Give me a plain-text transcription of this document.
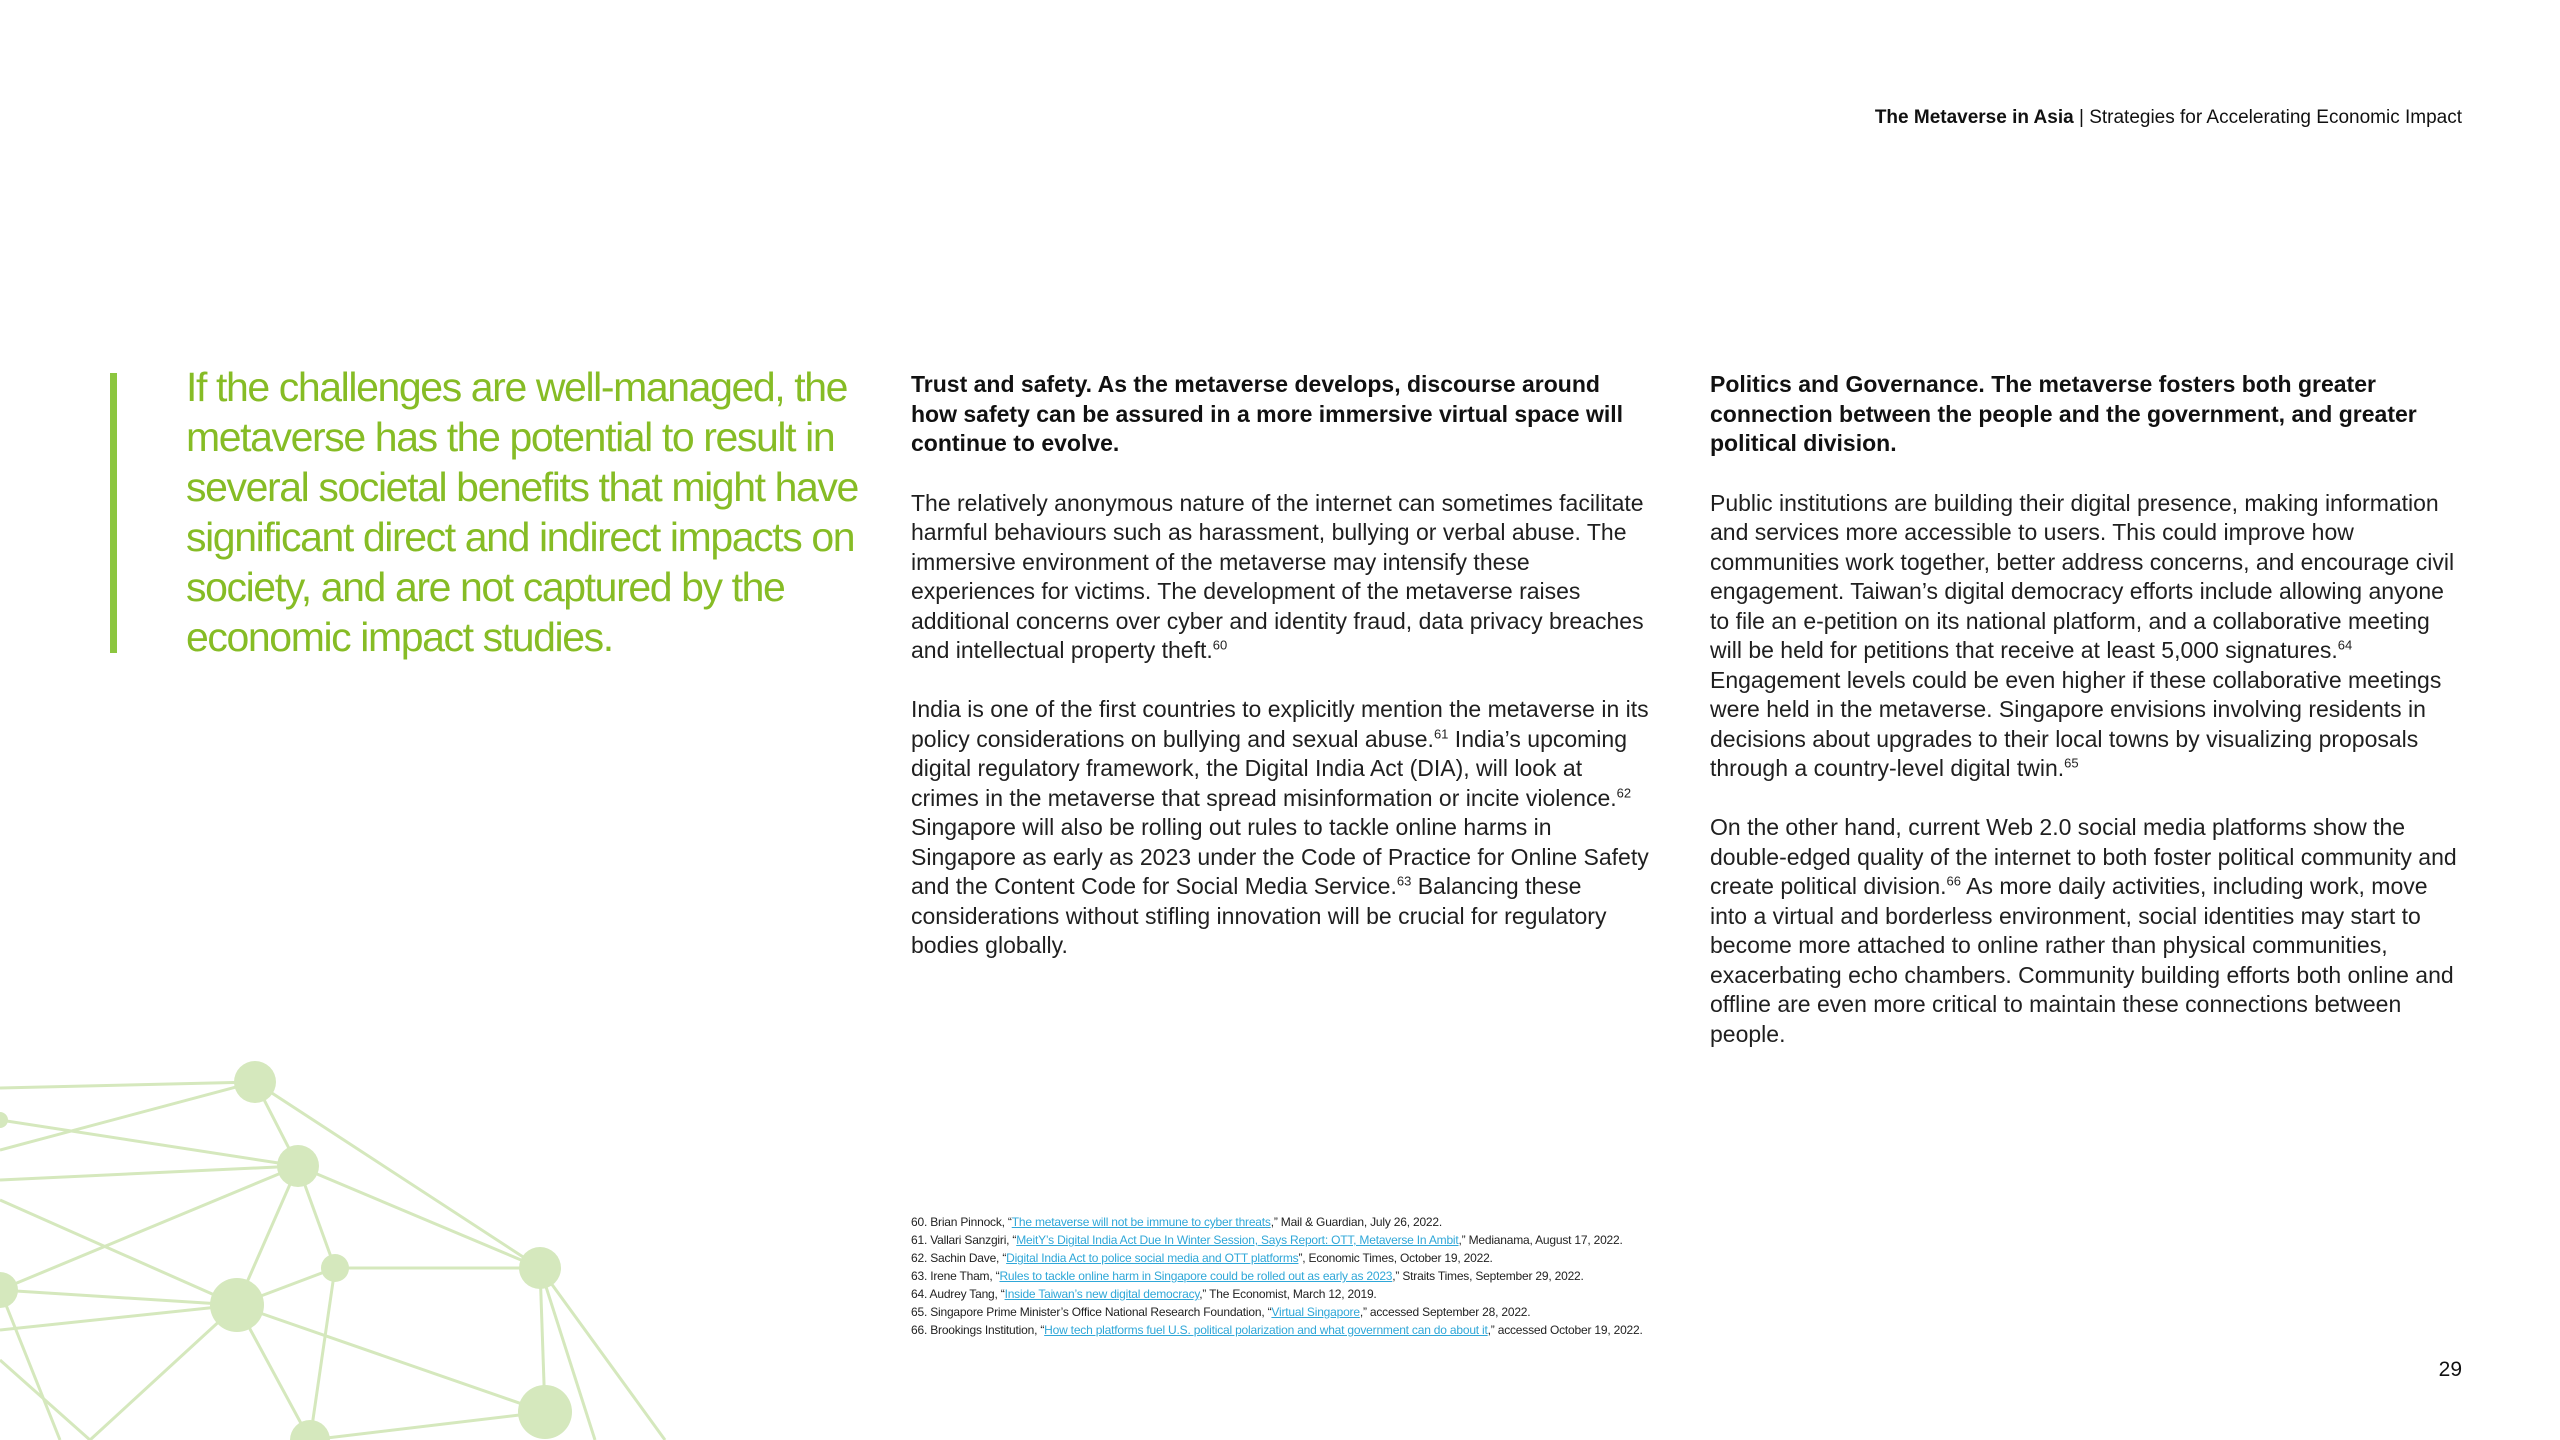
The Metaverse in Asia | Strategies for Accelerating Economic Impact

If the challenges are well-managed, the metaverse has the potential to result in several societal benefits that might have significant direct and indirect impacts on society, and are not captured by the economic impact studies.

Trust and safety. As the metaverse develops, discourse around how safety can be assured in a more immersive virtual space will continue to evolve.

The relatively anonymous nature of the internet can sometimes facilitate harmful behaviours such as harassment, bullying or verbal abuse. The immersive environment of the metaverse may intensify these experiences for victims. The development of the metaverse raises additional concerns over cyber and identity fraud, data privacy breaches and intellectual property theft.$^{60}$

India is one of the first countries to explicitly mention the metaverse in its policy considerations on bullying and sexual abuse.$^{61}$ India’s upcoming digital regulatory framework, the Digital India Act (DIA), will look at crimes in the metaverse that spread misinformation or incite violence.$^{62}$ Singapore will also be rolling out rules to tackle online harms in Singapore as early as 2023 under the Code of Practice for Online Safety and the Content Code for Social Media Service.$^{63}$ Balancing these considerations without stifling innovation will be crucial for regulatory bodies globally.

Politics and Governance. The metaverse fosters both greater connection between the people and the government, and greater political division.

Public institutions are building their digital presence, making information and services more accessible to users. This could improve how communities work together, better address concerns, and encourage civil engagement. Taiwan’s digital democracy efforts include allowing anyone to file an e-petition on its national platform, and a collaborative meeting will be held for petitions that receive at least 5,000 signatures.$^{64}$ Engagement levels could be even higher if these collaborative meetings were held in the metaverse. Singapore envisions involving residents in decisions about upgrades to their local towns by visualizing proposals through a country-level digital twin.$^{65}$

On the other hand, current Web 2.0 social media platforms show the double-edged quality of the internet to both foster political community and create political division.$^{66}$ As more daily activities, including work, move into a virtual and borderless environment, social identities may start to become more attached to online rather than physical communities, exacerbating echo chambers. Community building efforts both online and offline are even more critical to maintain these connections between people.

60. Brian Pinnock, “The metaverse will not be immune to cyber threats,” Mail & Guardian, July 26, 2022.
61. Vallari Sanzgiri, “MeitY’s Digital India Act Due In Winter Session, Says Report: OTT, Metaverse In Ambit,” Medianama, August 17, 2022.
62. Sachin Dave, “Digital India Act to police social media and OTT platforms”, Economic Times, October 19, 2022.
63. Irene Tham, “Rules to tackle online harm in Singapore could be rolled out as early as 2023,” Straits Times, September 29, 2022.
64. Audrey Tang, “Inside Taiwan’s new digital democracy,” The Economist, March 12, 2019.
65. Singapore Prime Minister’s Office National Research Foundation, “Virtual Singapore,” accessed September 28, 2022.
66. Brookings Institution, “How tech platforms fuel U.S. political polarization and what government can do about it,” accessed October 19, 2022.
29
